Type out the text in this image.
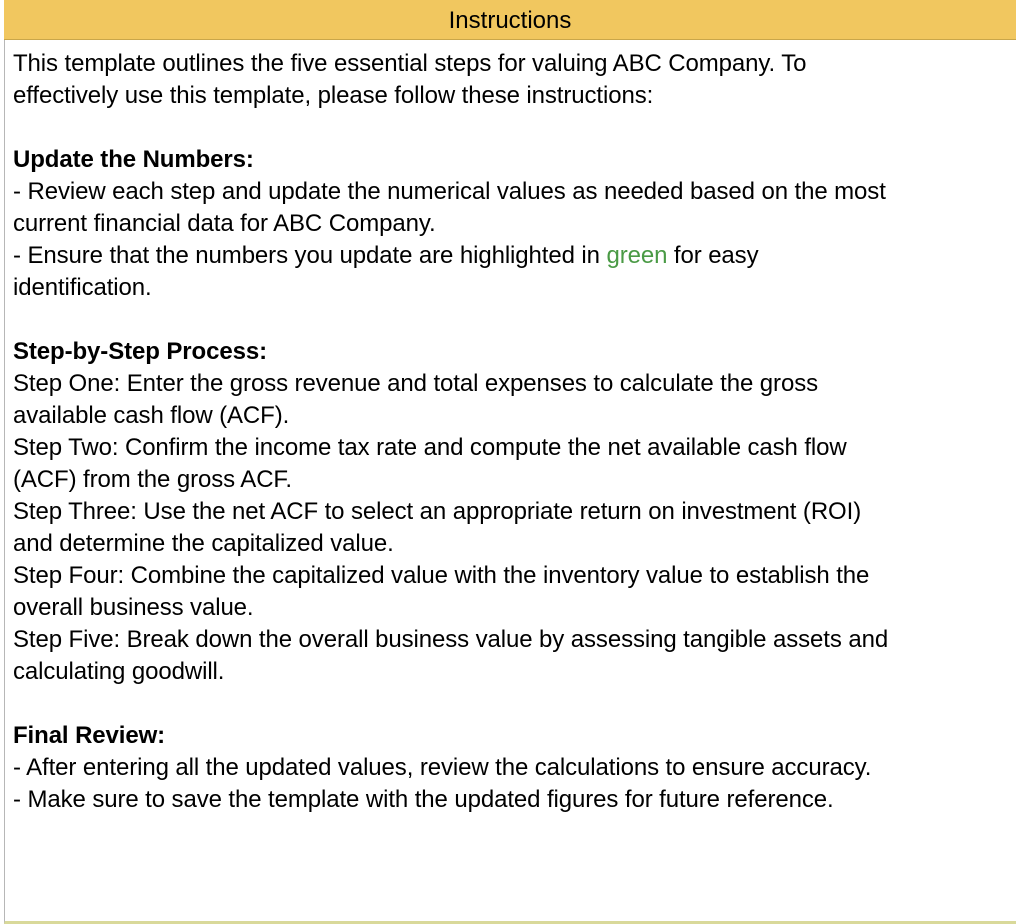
Instructions
This template outlines the five essential steps for valuing ABC Company. To
effectively use this template, please follow these instructions:
Update the Numbers:
- Review each step and update the numerical values as needed based on the most
current financial data for ABC Company.
- Ensure that the numbers you update are highlighted in green for easy
identification.
Step-by-Step Process:
Step One: Enter the gross revenue and total expenses to calculate the gross
available cash flow (ACF).
Step Two: Confirm the income tax rate and compute the net available cash flow
(ACF) from the gross ACF.
Step Three: Use the net ACF to select an appropriate return on investment (ROI)
and determine the capitalized value.
Step Four: Combine the capitalized value with the inventory value to establish the
overall business value.
Step Five: Break down the overall business value by assessing tangible assets and
calculating goodwill.
Final Review:
- After entering all the updated values, review the calculations to ensure accuracy.
- Make sure to save the template with the updated figures for future reference.
